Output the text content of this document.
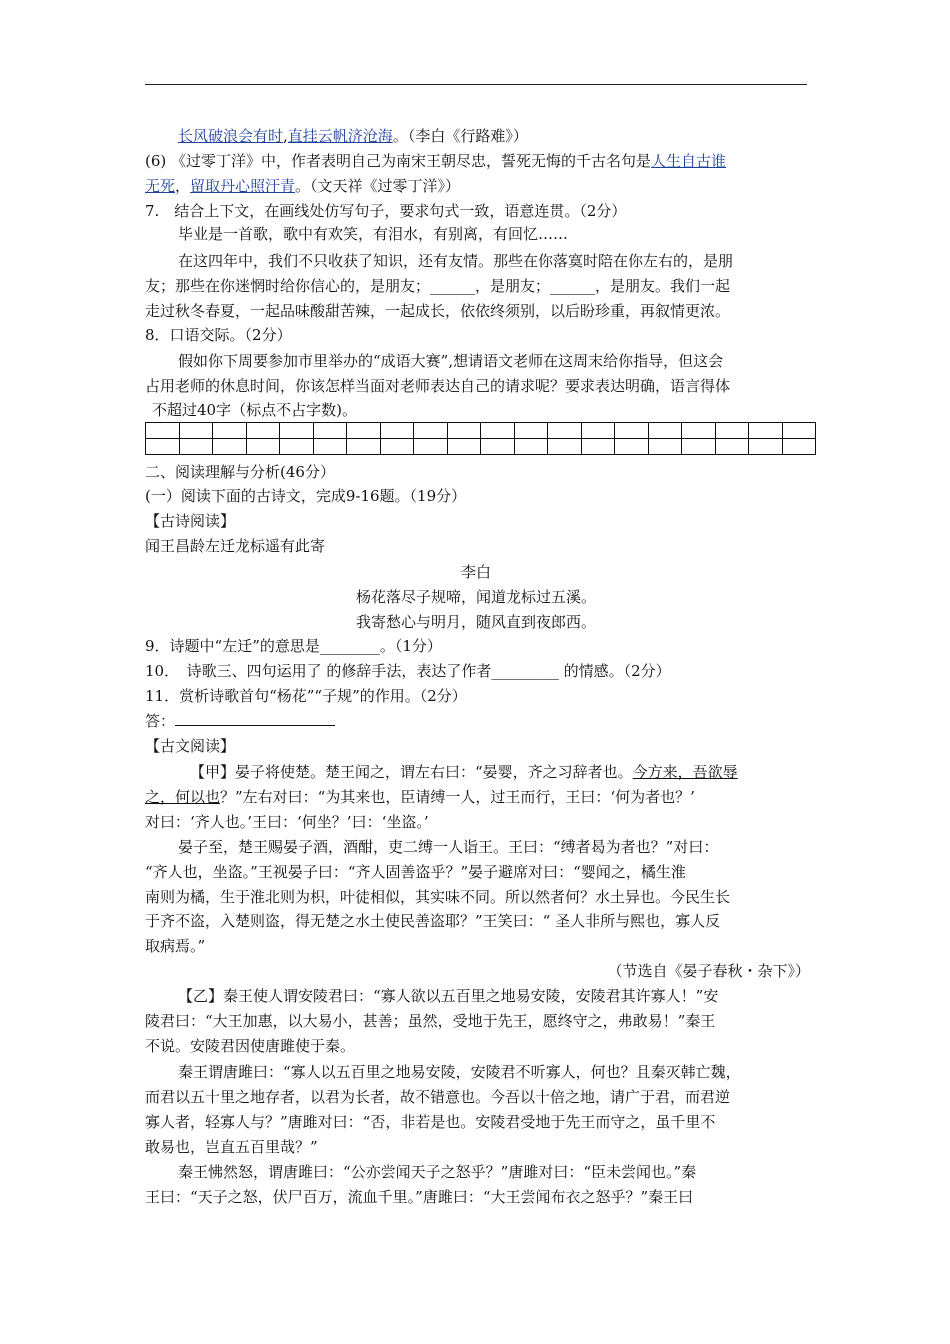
长风破浪会有时,直挂云帆济沧海。（李白《行路难》）
(6) 《过零丁洋》中，作者表明自己为南宋王朝尽忠，誓死无悔的千古名句是人生自古谁
无死，留取丹心照汗青。（文天祥《过零丁洋》）
7.　结合上下文，在画线处仿写句子，要求句式一致，语意连贯。（2分）
毕业是一首歌，歌中有欢笑，有泪水，有别离，有回忆……
在这四年中，我们不只收获了知识，还有友情。那些在你落寞时陪在你左右的，是朋
友；那些在你迷惘时给你信心的，是朋友；______，是朋友；______，是朋友。我们一起
走过秋冬春夏，一起品味酸甜苦辣，一起成长，依依终须别，以后盼珍重，再叙情更浓。
8．口语交际。（2分）
假如你下周要参加市里举办的“成语大赛”,想请语文老师在这周末给你指导，但这会
占用老师的休息时间，你该怎样当面对老师表达自己的请求呢？要求表达明确，语言得体
不超过40字（标点不占字数)。

二、阅读理解与分析(46分）
(一）阅读下面的古诗文，完成9-16题。（19分）
【古诗阅读】
闻王昌龄左迁龙标遥有此寄
李白
杨花落尽子规啼，闻道龙标过五溪。
我寄愁心与明月，随风直到夜郎西。
9．诗题中“左迁”的意思是________。（1分）
10．　诗歌三、四句运用了 的修辞手法，表达了作者_________ 的情感。（2分）
11．赏析诗歌首句“杨花”“子规”的作用。（2分）
答：
【古文阅读】
【甲】晏子将使楚。楚王闻之，谓左右曰：“晏婴，齐之习辞者也。今方来，吾欲辱
之，何以也？”左右对曰：“为其来也，臣请缚一人，过王而行，王曰：‘何为者也？’
对曰：‘齐人也。’王曰：‘何坐？’曰：‘坐盗。’
晏子至，楚王赐晏子酒，酒酣，吏二缚一人诣王。王曰：“缚者曷为者也？”对曰：
“齐人也，坐盗。”王视晏子曰：“齐人固善盗乎？”晏子避席对曰：“婴闻之，橘生淮
南则为橘，生于淮北则为枳，叶徒相似，其实味不同。所以然者何？水土异也。今民生长
于齐不盗，入楚则盗，得无楚之水土使民善盗耶？”王笑曰：“ 圣人非所与熙也，寡人反
取病焉。”
（节选自《晏子春秋・杂下》）
【乙】秦王使人谓安陵君曰：“寡人欲以五百里之地易安陵，安陵君其许寡人！”安
陵君曰：“大王加惠，以大易小，甚善；虽然，受地于先王，愿终守之，弗敢易！”秦王
不说。安陵君因使唐雎使于秦。
秦王谓唐雎曰：“寡人以五百里之地易安陵，安陵君不听寡人，何也？且秦灭韩亡魏，
而君以五十里之地存者，以君为长者，故不错意也。今吾以十倍之地，请广于君，而君逆
寡人者，轻寡人与？”唐雎对曰：“否，非若是也。安陵君受地于先王而守之，虽千里不
敢易也，岂直五百里哉？”
秦王怫然怒，谓唐雎曰：“公亦尝闻天子之怒乎？”唐雎对曰：“臣未尝闻也。”秦
王曰：“天子之怒，伏尸百万，流血千里。”唐雎曰：“大王尝闻布衣之怒乎？”秦王曰
